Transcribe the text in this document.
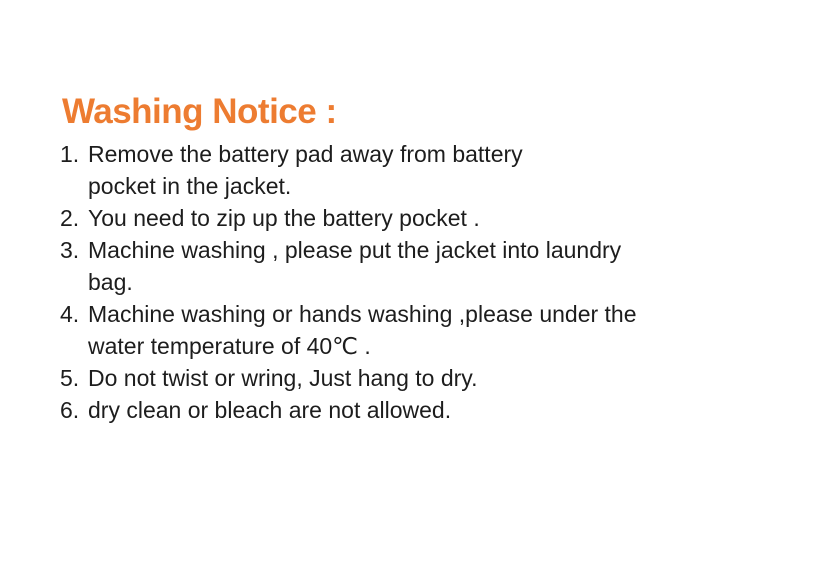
Washing Notice :
1. Remove the battery pad away from battery
pocket in the jacket.
2. You need to zip up the battery pocket .
3. Machine washing , please put the jacket into laundry
bag.
4. Machine washing or hands washing ,please under the
water temperature of 40℃ .
5. Do not twist or wring, Just hang to dry.
6. dry clean or bleach are not allowed.
